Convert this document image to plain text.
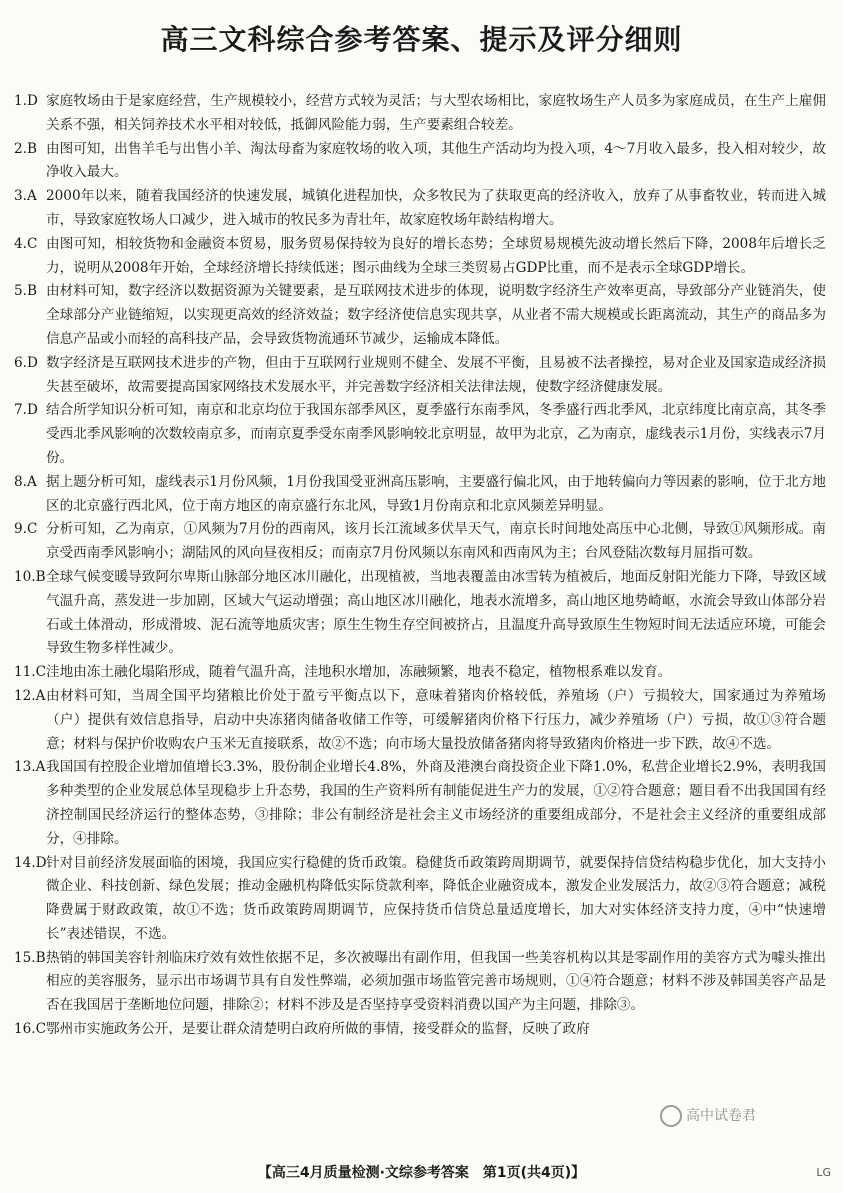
高三文科综合参考答案、提示及评分细则
1.D 家庭牧场由于是家庭经营，生产规模较小，经营方式较为灵活；与大型农场相比，家庭牧场生产人员多为家庭成员，在生产上雇佣关系不强，相关饲养技术水平相对较低，抵御风险能力弱，生产要素组合较差。
2.B 由图可知，出售羊毛与出售小羊、淘汰母畜为家庭牧场的收入项，其他生产活动均为投入项，4～7月收入最多，投入相对较少，故净收入最大。
3.A 2000年以来，随着我国经济的快速发展，城镇化进程加快，众多牧民为了获取更高的经济收入，放弃了从事畜牧业，转而进入城市，导致家庭牧场人口减少，进入城市的牧民多为青壮年，故家庭牧场年龄结构增大。
4.C 由图可知，相较货物和金融资本贸易，服务贸易保持较为良好的增长态势；全球贸易规模先波动增长然后下降，2008年后增长乏力，说明从2008年开始，全球经济增长持续低迷；图示曲线为全球三类贸易占GDP比重，而不是表示全球GDP增长。
5.B 由材料可知，数字经济以数据资源为关键要素，是互联网技术进步的体现，说明数字经济生产效率更高，导致部分产业链消失，使全球部分产业链缩短，以实现更高效的经济效益；数字经济使信息实现共享，从业者不需大规模或长距离流动，其生产的商品多为信息产品或小而轻的高科技产品，会导致货物流通环节减少，运输成本降低。
6.D 数字经济是互联网技术进步的产物，但由于互联网行业规则不健全、发展不平衡，且易被不法者操控，易对企业及国家造成经济损失甚至破坏，故需要提高国家网络技术发展水平，并完善数字经济相关法律法规，使数字经济健康发展。
7.D 结合所学知识分析可知，南京和北京均位于我国东部季风区，夏季盛行东南季风，冬季盛行西北季风，北京纬度比南京高，其冬季受西北季风影响的次数较南京多，而南京夏季受东南季风影响较北京明显，故甲为北京，乙为南京，虚线表示1月份，实线表示7月份。
8.A 据上题分析可知，虚线表示1月份风频，1月份我国受亚洲高压影响，主要盛行偏北风，由于地转偏向力等因素的影响，位于北方地区的北京盛行西北风，位于南方地区的南京盛行东北风，导致1月份南京和北京风频差异明显。
9.C 分析可知，乙为南京，①风频为7月份的西南风，该月长江流域多伏旱天气，南京长时间地处高压中心北侧，导致①风频形成。南京受西南季风影响小；湖陆风的风向昼夜相反；而南京7月份风频以东南风和西南风为主；台风登陆次数每月屈指可数。
10.B 全球气候变暖导致阿尔卑斯山脉部分地区冰川融化，出现植被，当地表覆盖由冰雪转为植被后，地面反射阳光能力下降，导致区域气温升高，蒸发进一步加剧，区域大气运动增强；高山地区冰川融化，地表水流增多，高山地区地势崎岖，水流会导致山体部分岩石或土体滑动，形成滑坡、泥石流等地质灾害；原生生物生存空间被挤占，且温度升高导致原生生物短时间无法适应环境，可能会导致生物多样性减少。
11.C 洼地由冻土融化塌陷形成，随着气温升高，洼地积水增加，冻融频繁，地表不稳定，植物根系难以发育。
12.A 由材料可知，当周全国平均猪粮比价处于盈亏平衡点以下，意味着猪肉价格较低，养殖场（户）亏损较大，国家通过为养殖场（户）提供有效信息指导，启动中央冻猪肉储备收储工作等，可缓解猪肉价格下行压力，减少养殖场（户）亏损，故①③符合题意；材料与保护价收购农户玉米无直接联系，故②不选；向市场大量投放储备猪肉将导致猪肉价格进一步下跌，故④不选。
13.A 我国国有控股企业增加值增长3.3%，股份制企业增长4.8%，外商及港澳台商投资企业下降1.0%，私营企业增长2.9%，表明我国多种类型的企业发展总体呈现稳步上升态势，我国的生产资料所有制能促进生产力的发展，①②符合题意；题目看不出我国国有经济控制国民经济运行的整体态势，③排除；非公有制经济是社会主义市场经济的重要组成部分，不是社会主义经济的重要组成部分，④排除。
14.D 针对目前经济发展面临的困境，我国应实行稳健的货币政策。稳健货币政策跨周期调节，就要保持信贷结构稳步优化，加大支持小微企业、科技创新、绿色发展；推动金融机构降低实际贷款利率，降低企业融资成本，激发企业发展活力，故②③符合题意；减税降费属于财政政策，故①不选；货币政策跨周期调节，应保持货币信贷总量适度增长，加大对实体经济支持力度，④中“快速增长”表述错误，不选。
15.B 热销的韩国美容针剂临床疗效有效性依据不足，多次被曝出有副作用，但我国一些美容机构以其是零副作用的美容方式为噱头推出相应的美容服务，显示出市场调节具有自发性弊端，必须加强市场监管完善市场规则，①④符合题意；材料不涉及韩国美容产品是否在我国居于垄断地位问题，排除②；材料不涉及是否坚持享受资料消费以国产为主问题，排除③。
16.C 鄂州市实施政务公开，是要让群众清楚明白政府所做的事情，接受群众的监督，反映了政府
高中试卷君
【高三4月质量检测·文综参考答案　第1页(共4页)】	LG
